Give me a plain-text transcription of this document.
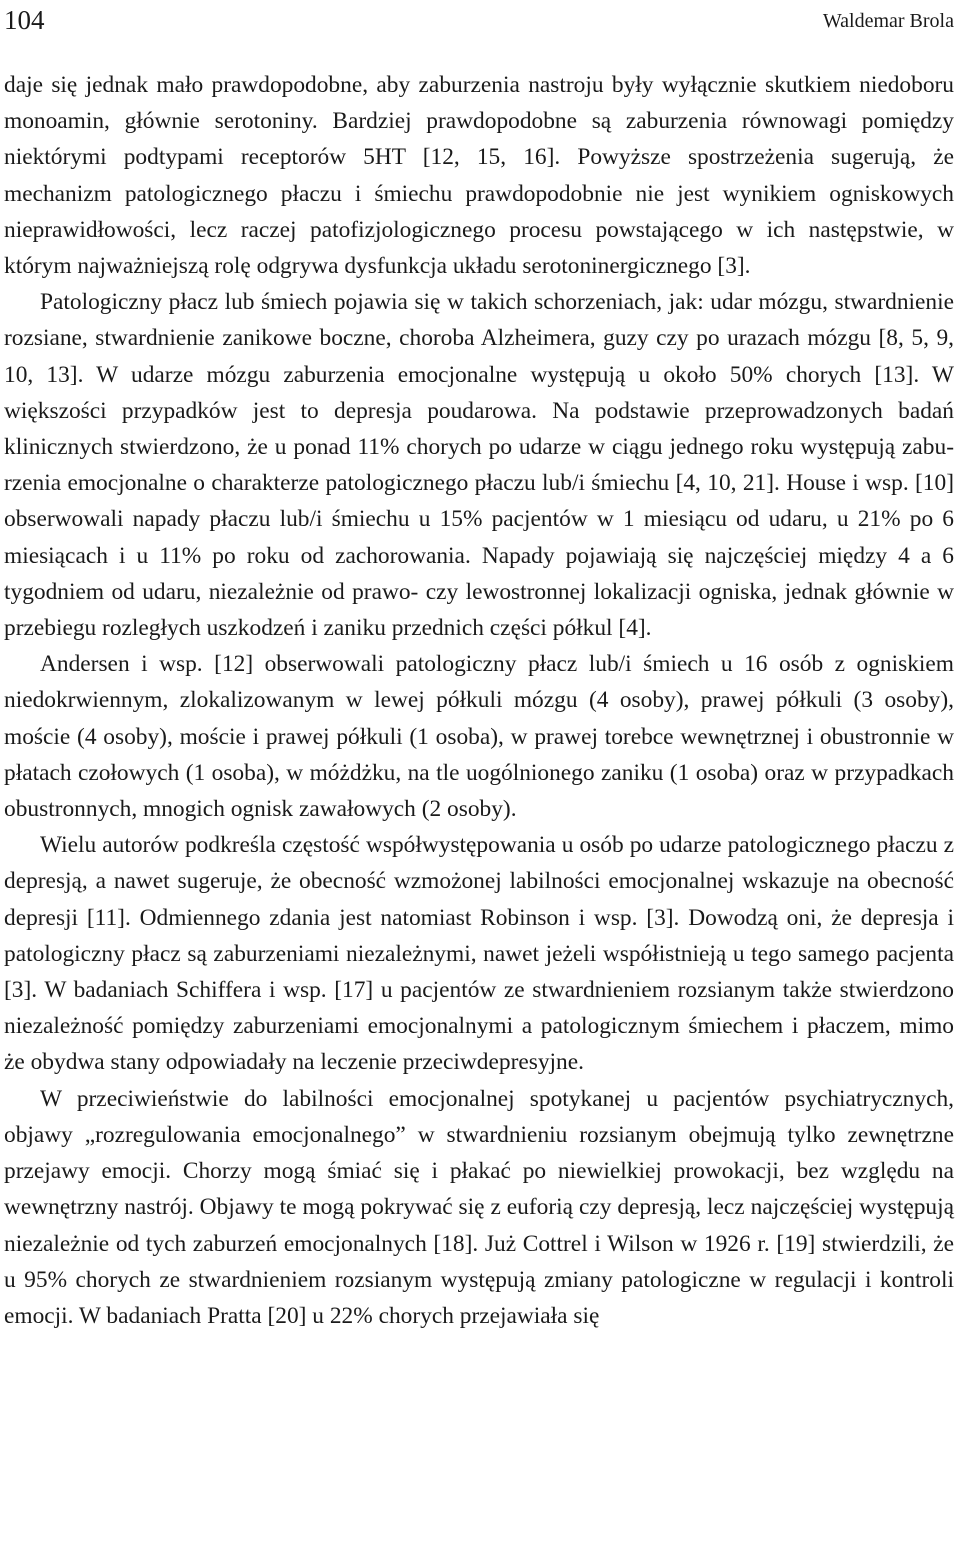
104	Waldemar Brola

daje się jednak mało prawdopodobne, aby zaburzenia nastroju były wyłącznie skutkiem niedoboru monoamin, głównie serotoniny. Bardziej prawdopodobne są zaburzenia równowagi pomiędzy niektórymi podtypami receptorów 5HT [12, 15, 16]. Powyższe spostrzeżenia sugerują, że mechanizm patologicznego płaczu i śmiechu prawdopodobnie nie jest wynikiem ogniskowych nieprawidłowości, lecz raczej patofizjologicznego procesu powstającego w ich następstwie, w którym najważniejszą rolę odgrywa dysfunkcja układu serotoninergicznego [3].

Patologiczny płacz lub śmiech pojawia się w takich schorzeniach, jak: udar mózgu, stwardnienie rozsiane, stwardnienie zanikowe boczne, choroba Alzheimera, guzy czy po urazach mózgu [8, 5, 9, 10, 13]. W udarze mózgu zaburzenia emocjonalne występują u około 50% chorych [13]. W większości przypadków jest to depresja poudarowa. Na podstawie przeprowadzonych badań klinicznych stwierdzono, że u ponad 11% chorych po udarze w ciągu jednego roku występują zaburzenia emocjonalne o charakterze patologicznego płaczu lub/i śmiechu [4, 10, 21]. House i wsp. [10] obserwowali napady płaczu lub/i śmiechu u 15% pacjentów w 1 miesiącu od udaru, u 21% po 6 miesiącach i u 11% po roku od zachorowania. Napady pojawiają się najczęściej między 4 a 6 tygodniem od udaru, niezależnie od prawo- czy lewostronnej lokalizacji ogniska, jednak głównie w przebiegu rozległych uszkodzeń i zaniku przednich części półkul [4].

Andersen i wsp. [12] obserwowali patologiczny płacz lub/i śmiech u 16 osób z ogniskiem niedokrwiennym, zlokalizowanym w lewej półkuli mózgu (4 osoby), prawej półkuli (3 osoby), moście (4 osoby), moście i prawej półkuli (1 osoba), w prawej torebce wewnętrznej i obustronnie w płatach czołowych (1 osoba), w móżdżku, na tle uogólnionego zaniku (1 osoba) oraz w przypadkach obustronnych, mnogich ognisk zawałowych (2 osoby).

Wielu autorów podkreśla częstość współwystępowania u osób po udarze patologicznego płaczu z depresją, a nawet sugeruje, że obecność wzmożonej labilności emocjonalnej wskazuje na obecność depresji [11]. Odmiennego zdania jest natomiast Robinson i wsp. [3]. Dowodzą oni, że depresja i patologiczny płacz są zaburzeniami niezależnymi, nawet jeżeli współistnieją u tego samego pacjenta [3]. W badaniach Schiffera i wsp. [17] u pacjentów ze stwardnieniem rozsianym także stwierdzono niezależność pomiędzy zaburzeniami emocjonalnymi a patologicznym śmiechem i płaczem, mimo że obydwa stany odpowiadały na leczenie przeciwdepresyjne.

W przeciwieństwie do labilności emocjonalnej spotykanej u pacjentów psychiatrycznych, objawy „rozregulowania emocjonalnego” w stwardnieniu rozsianym obejmują tylko zewnętrzne przejawy emocji. Chorzy mogą śmiać się i płakać po niewielkiej prowokacji, bez względu na wewnętrzny nastrój. Objawy te mogą pokrywać się z euforią czy depresją, lecz najczęściej występują niezależnie od tych zaburzeń emocjonalnych [18]. Już Cottrel i Wilson w 1926 r. [19] stwierdzili, że u 95% chorych ze stwardnieniem rozsianym występują zmiany patologiczne w regulacji i kontroli emocji. W badaniach Pratta [20] u 22% chorych przejawiała się
